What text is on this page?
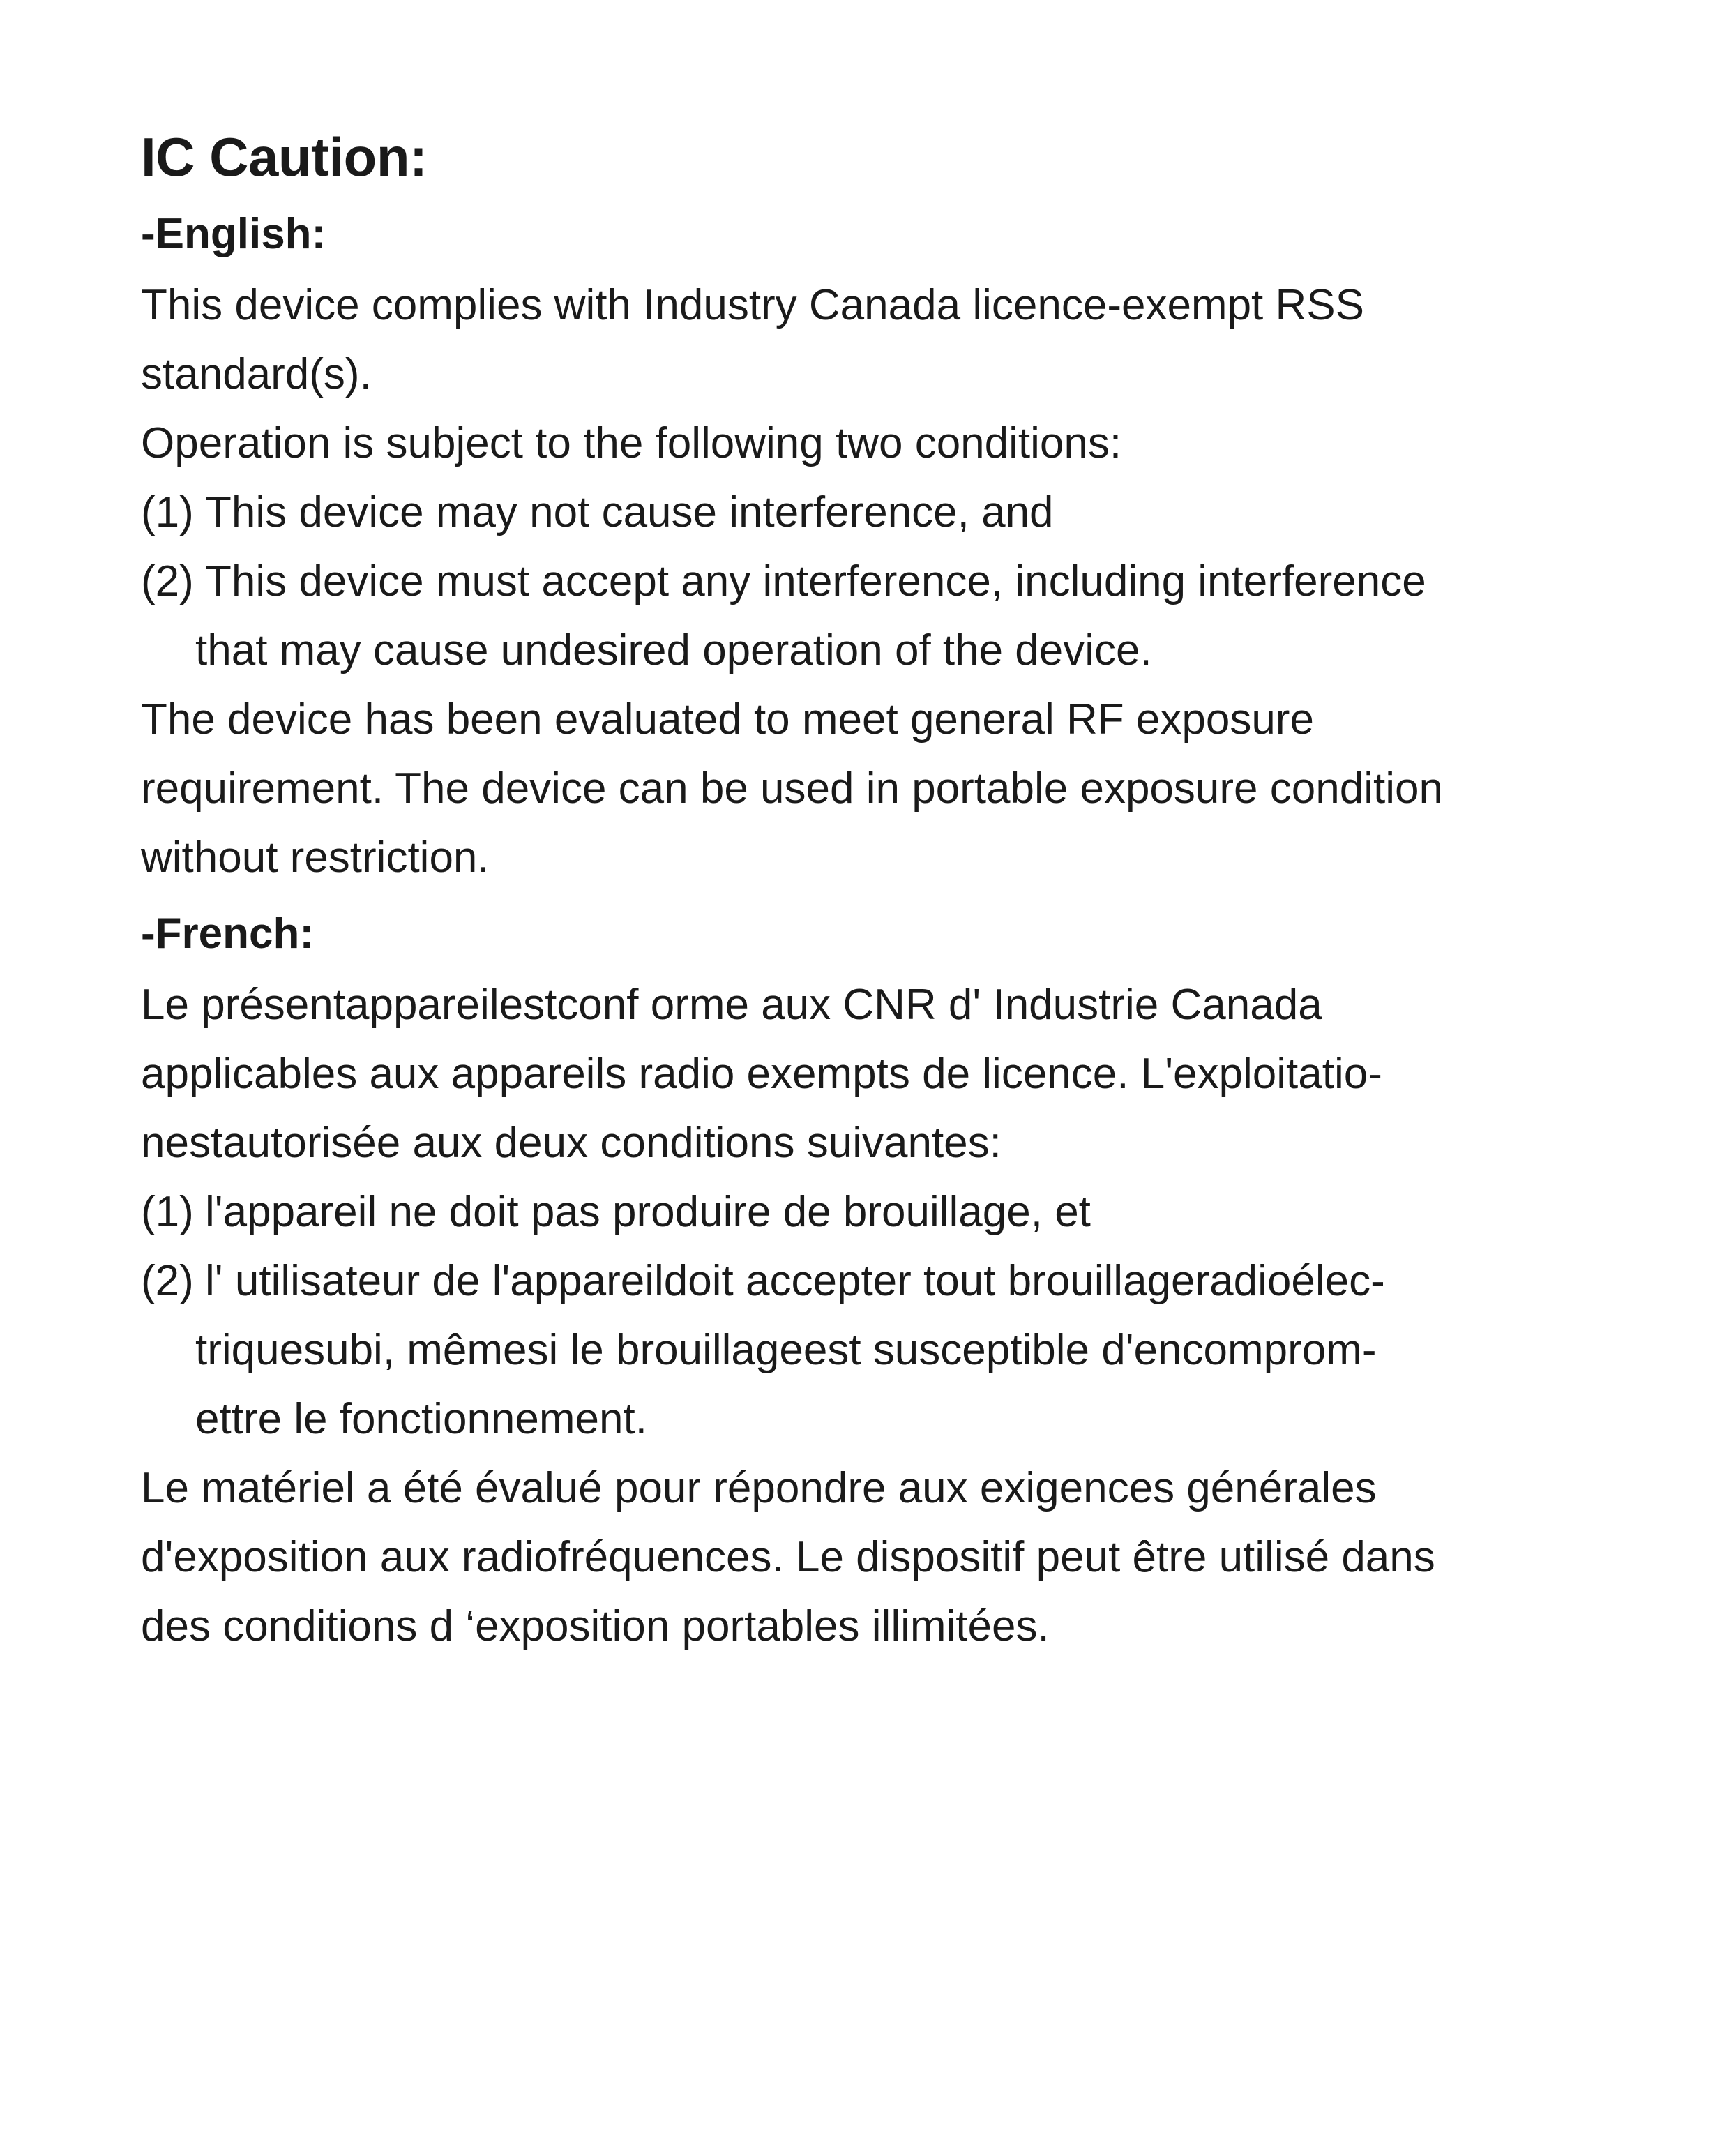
IC Caution:
-English:

This device complies with Industry Canada licence-exempt RSS

standard(s).

Operation is subject to the following two conditions:

(1) This device may not cause interference, and
(2) This device must accept any interference, including interference
that may cause undesired operation of the device.

The device has been evaluated to meet general RF exposure

requirement. The device can be used in portable exposure condition

without restriction.

-French:

Le présentappareilestconf orme aux CNR d' Industrie Canada

applicables aux appareils radio exempts de licence. L'exploitatio-

nestautorisée aux deux conditions suivantes:

(1) l'appareil ne doit pas produire de brouillage, et
(2) l' utilisateur de l'appareildoit accepter tout brouillageradioélec-
triquesubi, mêmesi le brouillageest susceptible d'encomprom-
ettre le fonctionnement.

Le matériel a été évalué pour répondre aux exigences générales

d'exposition aux radiofréquences. Le dispositif peut être utilisé dans

des conditions d ‘exposition portables illimitées.
